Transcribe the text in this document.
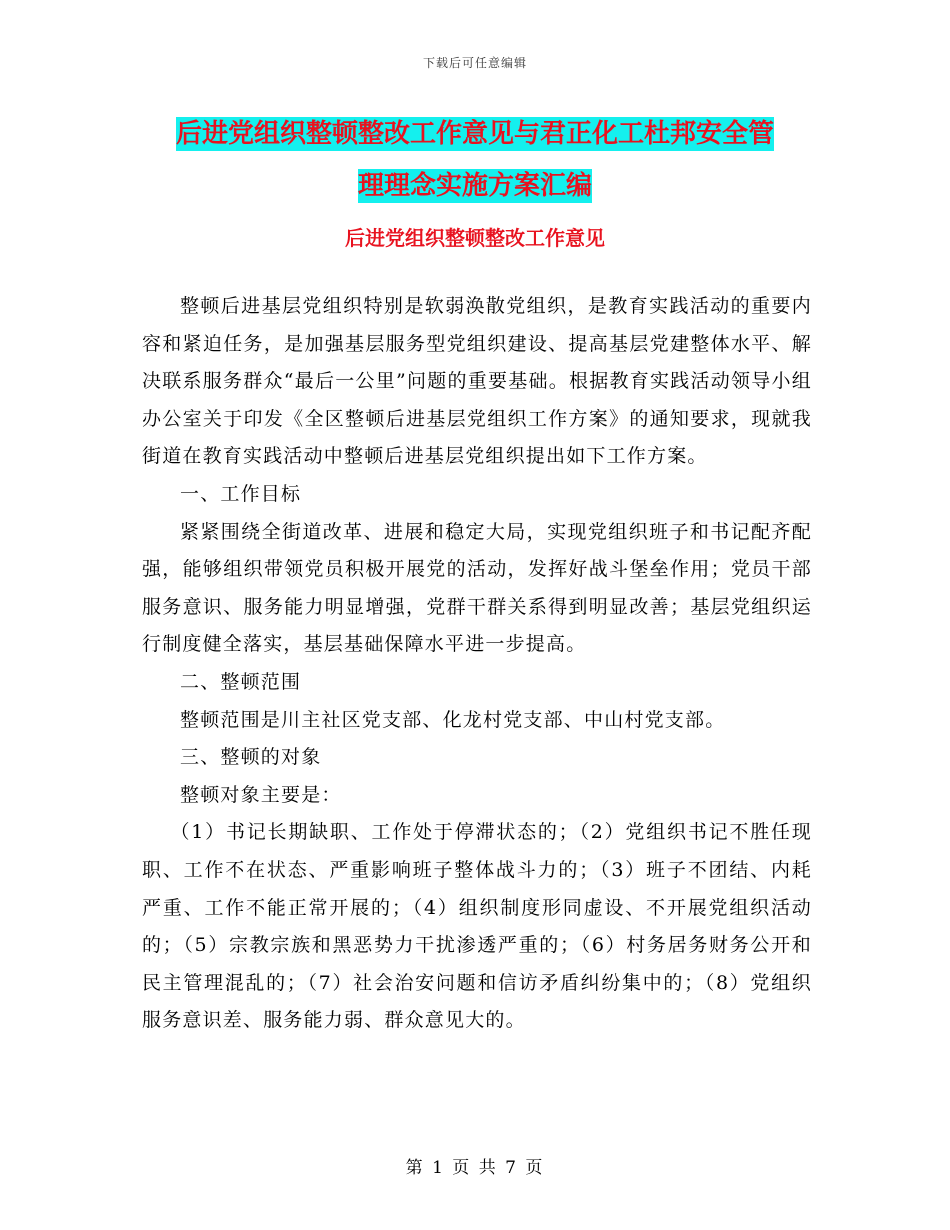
下载后可任意编辑
后进党组织整顿整改工作意见与君正化工杜邦安全管
理理念实施方案汇编
后进党组织整顿整改工作意见

整顿后进基层党组织特别是软弱涣散党组织，是教育实践活动的重要内容和紧迫任务，是加强基层服务型党组织建设、提高基层党建整体水平、解决联系服务群众“最后一公里”问题的重要基础。根据教育实践活动领导小组办公室关于印发《全区整顿后进基层党组织工作方案》的通知要求，现就我街道在教育实践活动中整顿后进基层党组织提出如下工作方案。

一、工作目标

紧紧围绕全街道改革、进展和稳定大局，实现党组织班子和书记配齐配强，能够组织带领党员积极开展党的活动，发挥好战斗堡垒作用；党员干部服务意识、服务能力明显增强，党群干群关系得到明显改善；基层党组织运行制度健全落实，基层基础保障水平进一步提高。

二、整顿范围

整顿范围是川主社区党支部、化龙村党支部、中山村党支部。

三、整顿的对象

整顿对象主要是：

（1）书记长期缺职、工作处于停滞状态的；（2）党组织书记不胜任现职、工作不在状态、严重影响班子整体战斗力的；（3）班子不团结、内耗严重、工作不能正常开展的；（4）组织制度形同虚设、不开展党组织活动的；（5）宗教宗族和黑恶势力干扰渗透严重的；（6）村务居务财务公开和民主管理混乱的；（7）社会治安问题和信访矛盾纠纷集中的；（8）党组织服务意识差、服务能力弱、群众意见大的。

第 1 页 共 7 页
